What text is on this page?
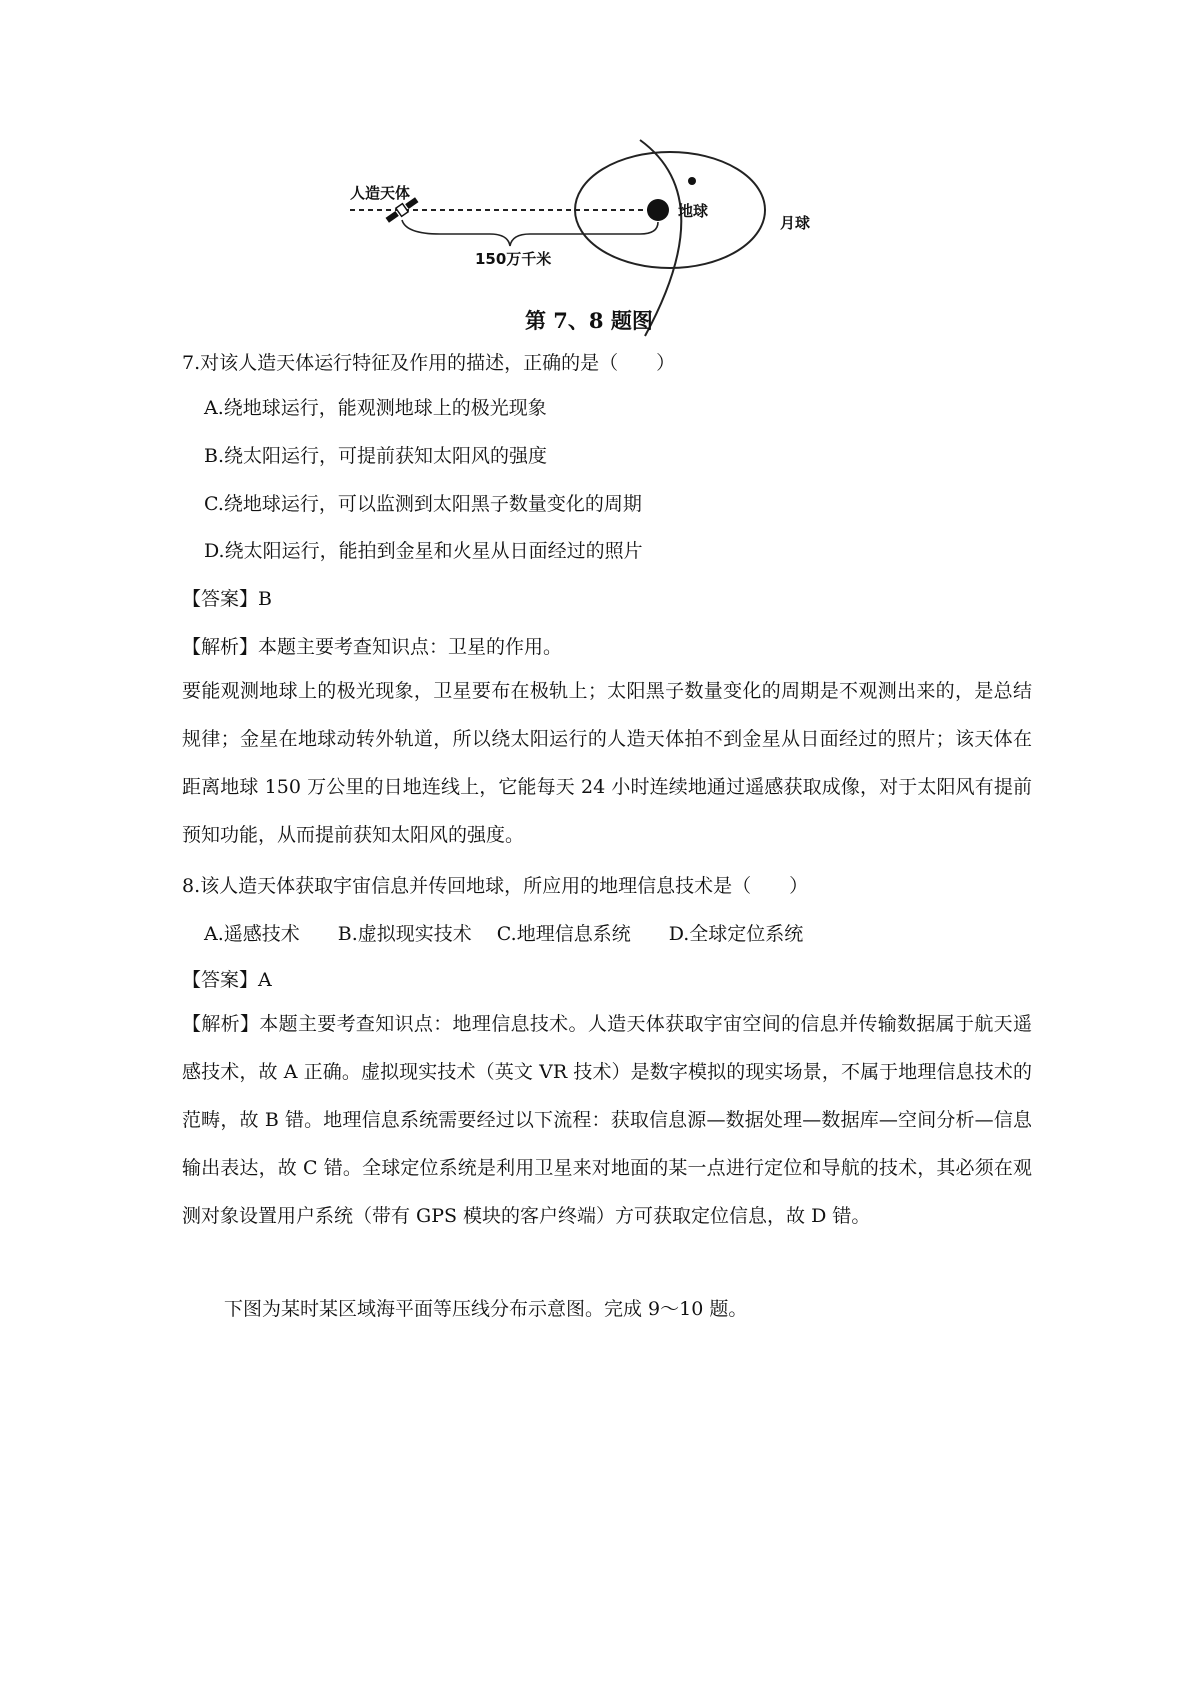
人造天体
150万千米
地球
月球
第 7、8 题图
7.对该人造天体运行特征及作用的描述，正确的是（　　）
A.绕地球运行，能观测地球上的极光现象
B.绕太阳运行，可提前获知太阳风的强度
C.绕地球运行，可以监测到太阳黑子数量变化的周期
D.绕太阳运行，能拍到金星和火星从日面经过的照片
【答案】B
【解析】本题主要考查知识点：卫星的作用。
要能观测地球上的极光现象，卫星要布在极轨上；太阳黑子数量变化的周期是不观测出来的，是总结规律；金星在地球动转外轨道，所以绕太阳运行的人造天体拍不到金星从日面经过的照片；该天体在距离地球 150 万公里的日地连线上，它能每天 24 小时连续地通过遥感获取成像，对于太阳风有提前预知功能，从而提前获知太阳风的强度。
8.该人造天体获取宇宙信息并传回地球，所应用的地理信息技术是（　　）
A.遥感技术　　B.虚拟现实技术　 C.地理信息系统　　D.全球定位系统
【答案】A
【解析】本题主要考查知识点：地理信息技术。人造天体获取宇宙空间的信息并传输数据属于航天遥感技术，故 A 正确。虚拟现实技术（英文 VR 技术）是数字模拟的现实场景，不属于地理信息技术的范畴，故 B 错。地理信息系统需要经过以下流程：获取信息源—数据处理—数据库—空间分析—信息输出表达，故 C 错。全球定位系统是利用卫星来对地面的某一点进行定位和导航的技术，其必须在观测对象设置用户系统（带有 GPS 模块的客户终端）方可获取定位信息，故 D 错。
下图为某时某区域海平面等压线分布示意图。完成 9～10 题。
